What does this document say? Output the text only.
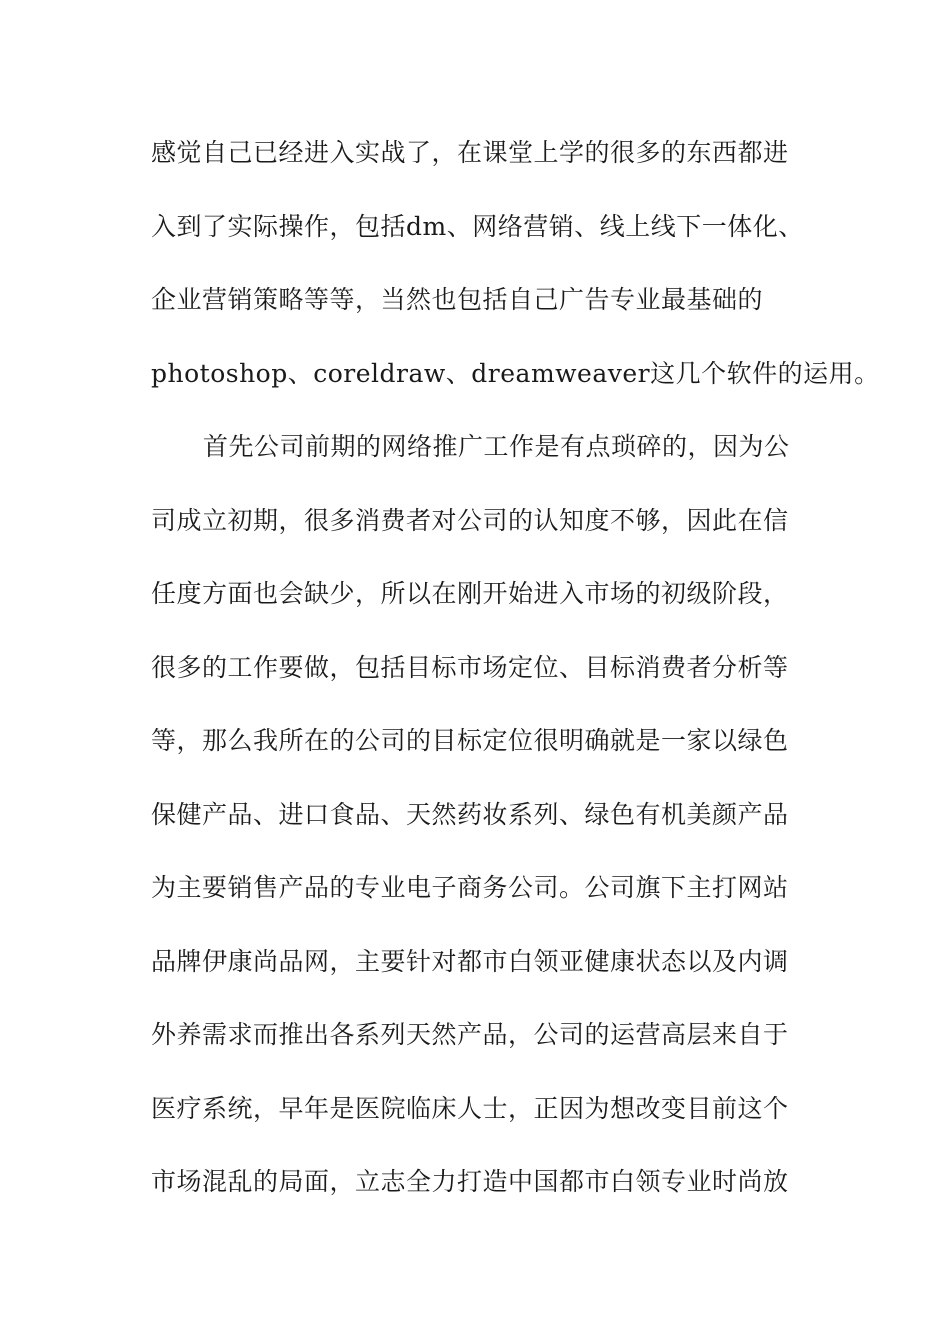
感觉自己已经进入实战了，在课堂上学的很多的东西都进
入到了实际操作，包括dm、网络营销、线上线下一体化、
企业营销策略等等，当然也包括自己广告专业最基础的
photoshop、coreldraw、dreamweaver这几个软件的运用。
首先公司前期的网络推广工作是有点琐碎的，因为公
司成立初期，很多消费者对公司的认知度不够，因此在信
任度方面也会缺少，所以在刚开始进入市场的初级阶段，
很多的工作要做，包括目标市场定位、目标消费者分析等
等，那么我所在的公司的目标定位很明确就是一家以绿色
保健产品、进口食品、天然药妆系列、绿色有机美颜产品
为主要销售产品的专业电子商务公司。公司旗下主打网站
品牌伊康尚品网，主要针对都市白领亚健康状态以及内调
外养需求而推出各系列天然产品，公司的运营高层来自于
医疗系统，早年是医院临床人士，正因为想改变目前这个
市场混乱的局面，立志全力打造中国都市白领专业时尚放
